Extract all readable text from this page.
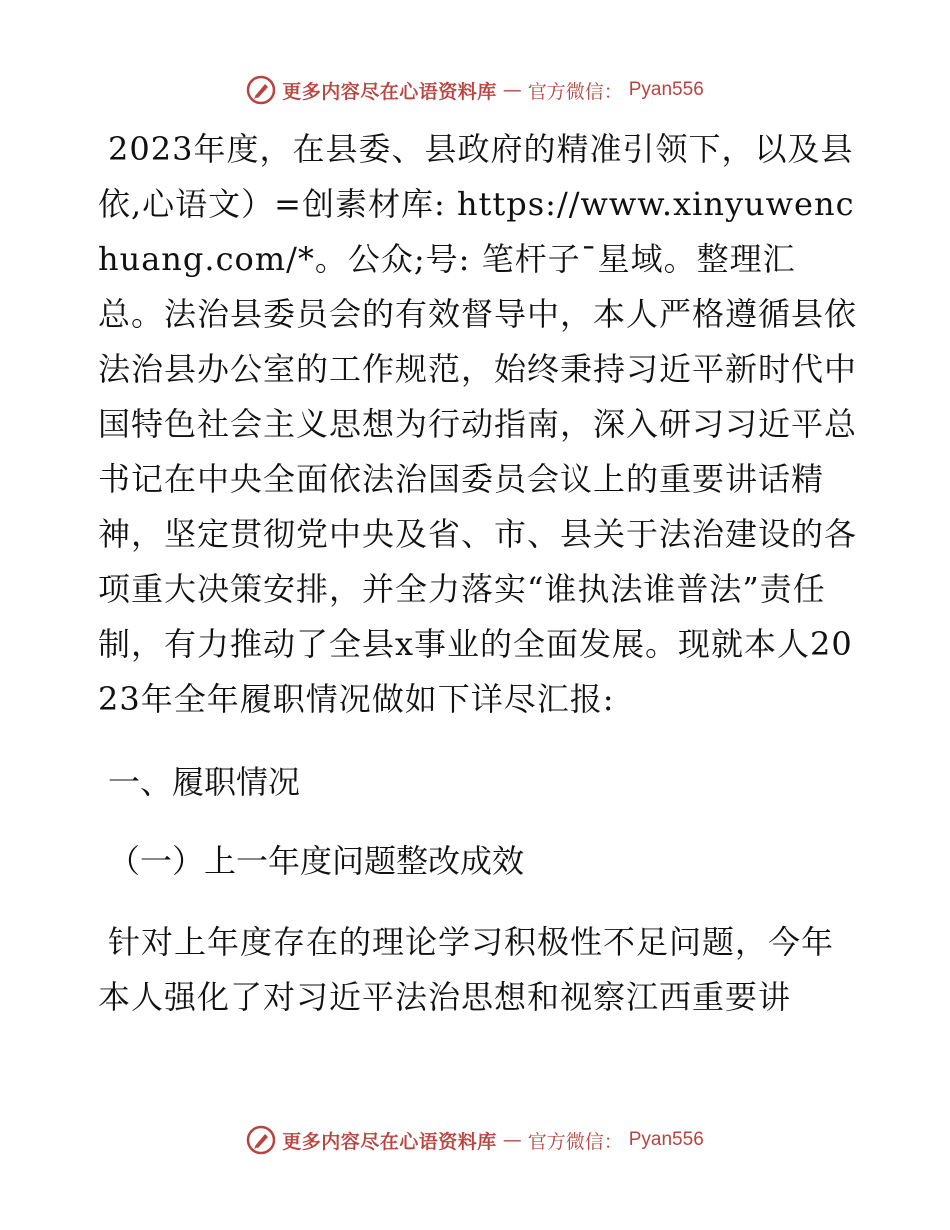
更多内容尽在心语资料库 — 官方微信： Pyan556

2023年度，在县委、县政府的精准引领下，以及县依,心语文）=创素材库: https://www.xinyuwenchuang.com/*。公众;号: 笔杆子¯星域。整理汇总。法治县委员会的有效督导中，本人严格遵循县依法治县办公室的工作规范，始终秉持习近平新时代中国特色社会主义思想为行动指南，深入研习习近平总书记在中央全面依法治国委员会议上的重要讲话精神，坚定贯彻党中央及省、市、县关于法治建设的各项重大决策安排，并全力落实“谁执法谁普法”责任制，有力推动了全县x事业的全面发展。现就本人2023年全年履职情况做如下详尽汇报:

一、履职情况
（一）上一年度问题整改成效

针对上年度存在的理论学习积极性不足问题，今年本人强化了对习近平法治思想和视察江西重要讲

更多内容尽在心语资料库 — 官方微信： Pyan556
